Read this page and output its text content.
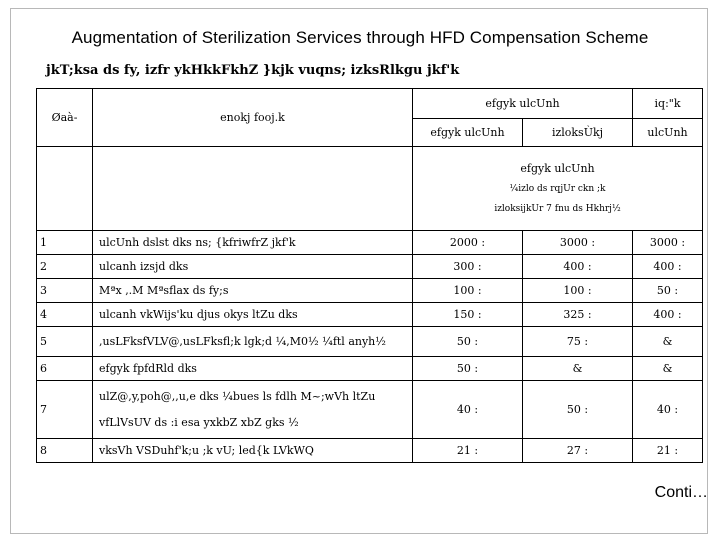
Augmentation of Sterilization Services through HFD Compensation Scheme
jkT;ksa ds fy, izfr ykHkkFkhZ }kjk vuqns; izksRlkgu jkf'k
Øaà-	enokj fooj.k	efgyk ulcUnh		iq:"k
		efgyk ulcUnh	izloksÙkj	ulcUnh

		efgyk ulcUnh
¼izlo ds rqjUr ckn ;k
izloksijkUr 7 fnu ds Hkhrj½		

1	ulcUnh dslst dks ns; {kfriwfrZ jkf'k	2000 :	3000 :	3000 :
2	ulcanh izsjd dks	300 :	400 :	400 :
3	Mªx ,.M Mªsflax ds fy;s	100 :	100 :	50 :
4	ulcanh vkWijs'ku djus okys ltZu dks	150 :	325 :	400 :
5	,usLFksfVLV@,usLFksfl;k lgk;d ¼,M0½ ¼ftl anyh½	50 :	75 :	&
6	efgyk fpfdRld dks	50 :	&	&
7	ulZ@,y,poh@,,u,e dks ¼bues ls fdlh M~;wVh ltZu
vfLlVsUV ds :i esa yxkbZ xbZ gks ½	40 :	50 :	40 :
8	vksVh VSDuhf'k;u ;k vU; led{k LVkWQ	21 :	27 :	21 :
Conti…
